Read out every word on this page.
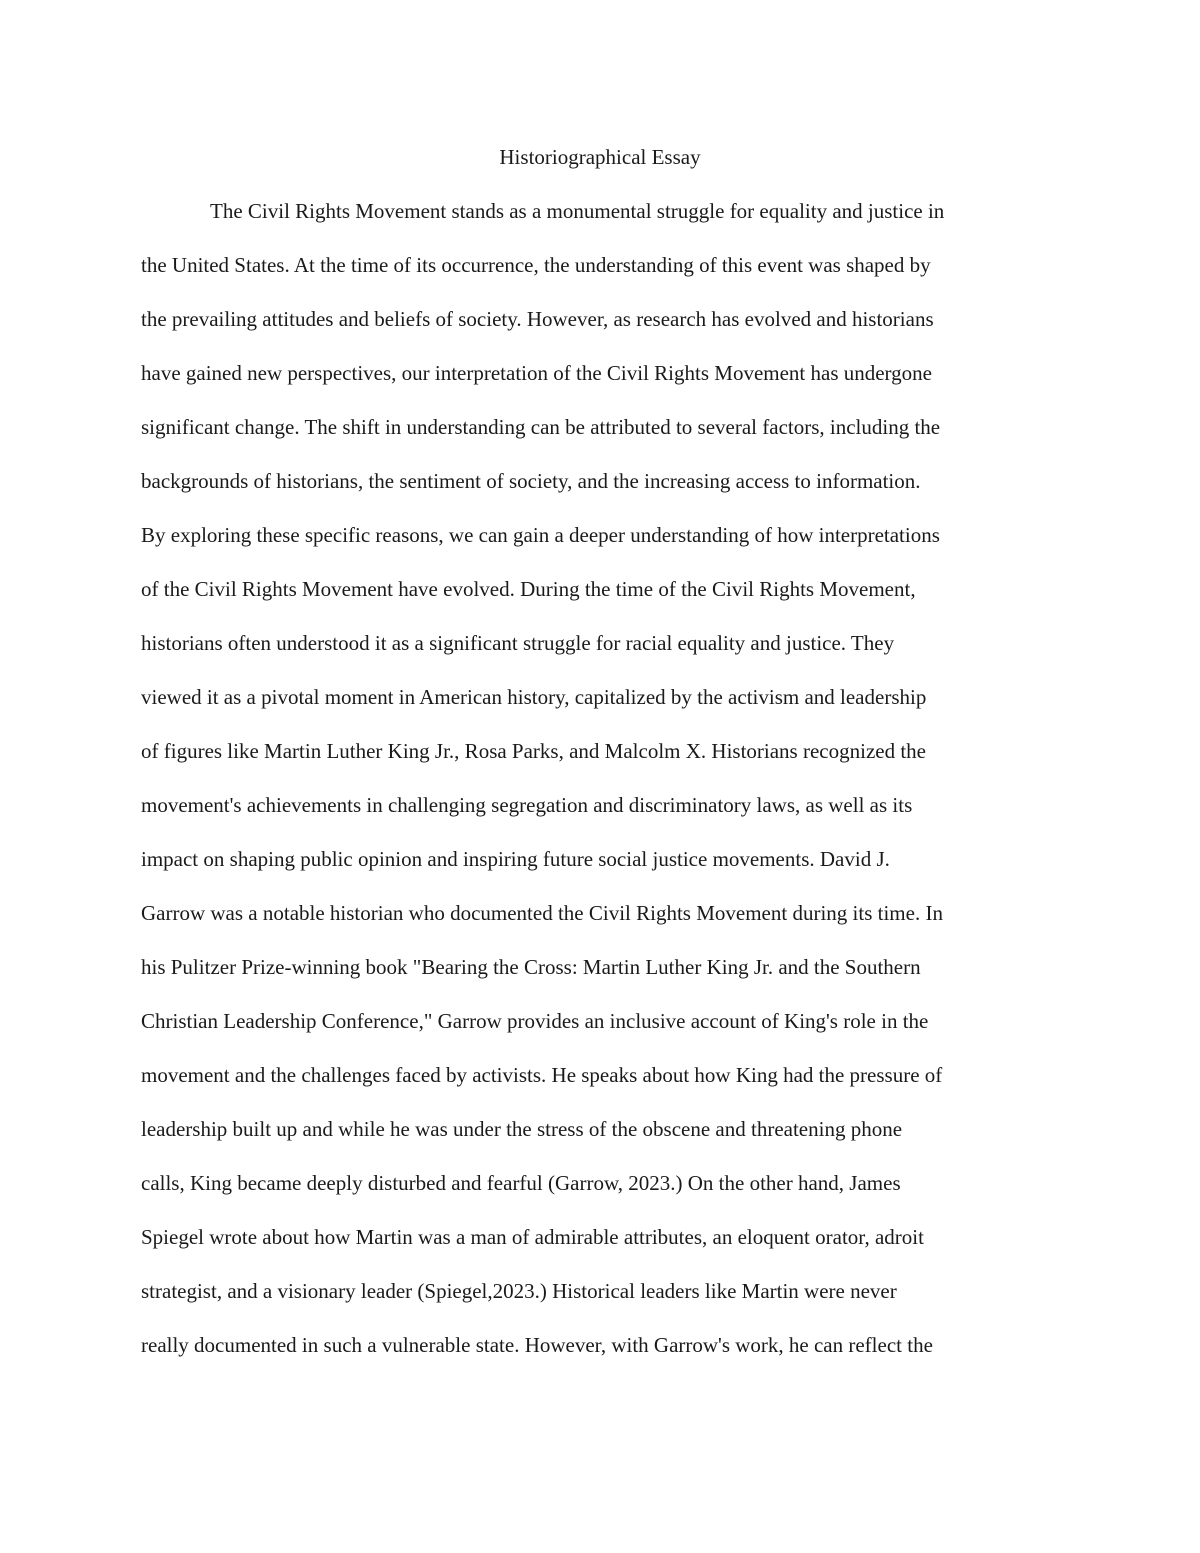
Historiographical Essay
The Civil Rights Movement stands as a monumental struggle for equality and justice in
the United States. At the time of its occurrence, the understanding of this event was shaped by
the prevailing attitudes and beliefs of society. However, as research has evolved and historians
have gained new perspectives, our interpretation of the Civil Rights Movement has undergone
significant change. The shift in understanding can be attributed to several factors, including the
backgrounds of historians, the sentiment of society, and the increasing access to information.
By exploring these specific reasons, we can gain a deeper understanding of how interpretations
of the Civil Rights Movement have evolved. During the time of the Civil Rights Movement,
historians often understood it as a significant struggle for racial equality and justice. They
viewed it as a pivotal moment in American history, capitalized by the activism and leadership
of figures like Martin Luther King Jr., Rosa Parks, and Malcolm X. Historians recognized the
movement's achievements in challenging segregation and discriminatory laws, as well as its
impact on shaping public opinion and inspiring future social justice movements. David J.
Garrow was a notable historian who documented the Civil Rights Movement during its time. In
his Pulitzer Prize-winning book "Bearing the Cross: Martin Luther King Jr. and the Southern
Christian Leadership Conference," Garrow provides an inclusive account of King's role in the
movement and the challenges faced by activists. He speaks about how King had the pressure of
leadership built up and while he was under the stress of the obscene and threatening phone
calls, King became deeply disturbed and fearful (Garrow, 2023.) On the other hand, James
Spiegel wrote about how Martin was a man of admirable attributes, an eloquent orator, adroit
strategist, and a visionary leader (Spiegel,2023.) Historical leaders like Martin were never
really documented in such a vulnerable state. However, with Garrow's work, he can reflect the
